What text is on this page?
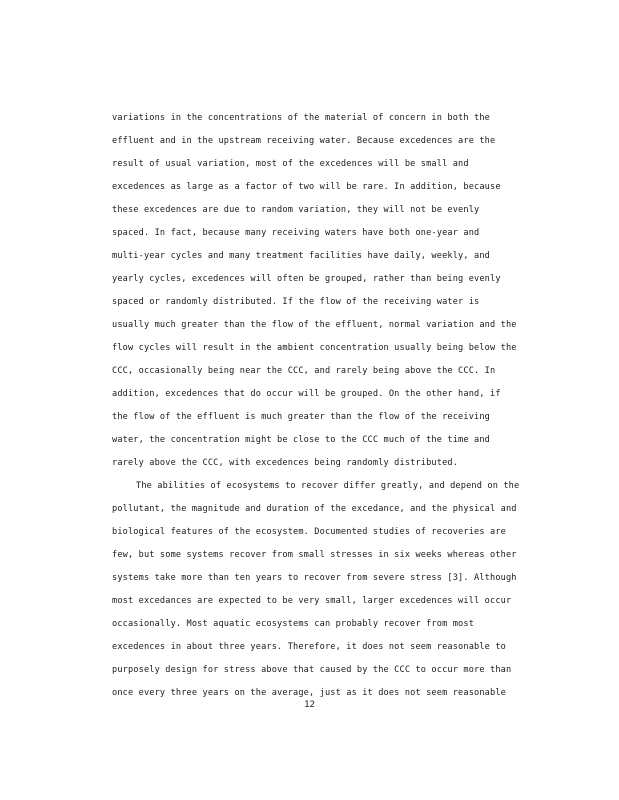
variations in the concentrations of the material of concern in both the
effluent and in the upstream receiving water. Because excedences are the
result of usual variation, most of the excedences will be small and
excedences as large as a factor of two will be rare. In addition, because
these excedences are due to random variation, they will not be evenly
spaced. In fact, because many receiving waters have both one-year and
multi-year cycles and many treatment facilities have daily, weekly, and
yearly cycles, excedences will often be grouped, rather than being evenly
spaced or randomly distributed. If the flow of the receiving water is
usually much greater than the flow of the effluent, normal variation and the
flow cycles will result in the ambient concentration usually being below the
CCC, occasionally being near the CCC, and rarely being above the CCC. In
addition, excedences that do occur will be grouped. On the other hand, if
the flow of the effluent is much greater than the flow of the receiving
water, the concentration might be close to the CCC much of the time and
rarely above the CCC, with excedences being randomly distributed.
The abilities of ecosystems to recover differ greatly, and depend on the
pollutant, the magnitude and duration of the excedance, and the physical and
biological features of the ecosystem. Documented studies of recoveries are
few, but some systems recover from small stresses in six weeks whereas other
systems take more than ten years to recover from severe stress [3]. Although
most excedances are expected to be very small, larger excedences will occur
occasionally. Most aquatic ecosystems can probably recover from most
excedences in about three years. Therefore, it does not seem reasonable to
purposely design for stress above that caused by the CCC to occur more than
once every three years on the average, just as it does not seem reasonable
12
